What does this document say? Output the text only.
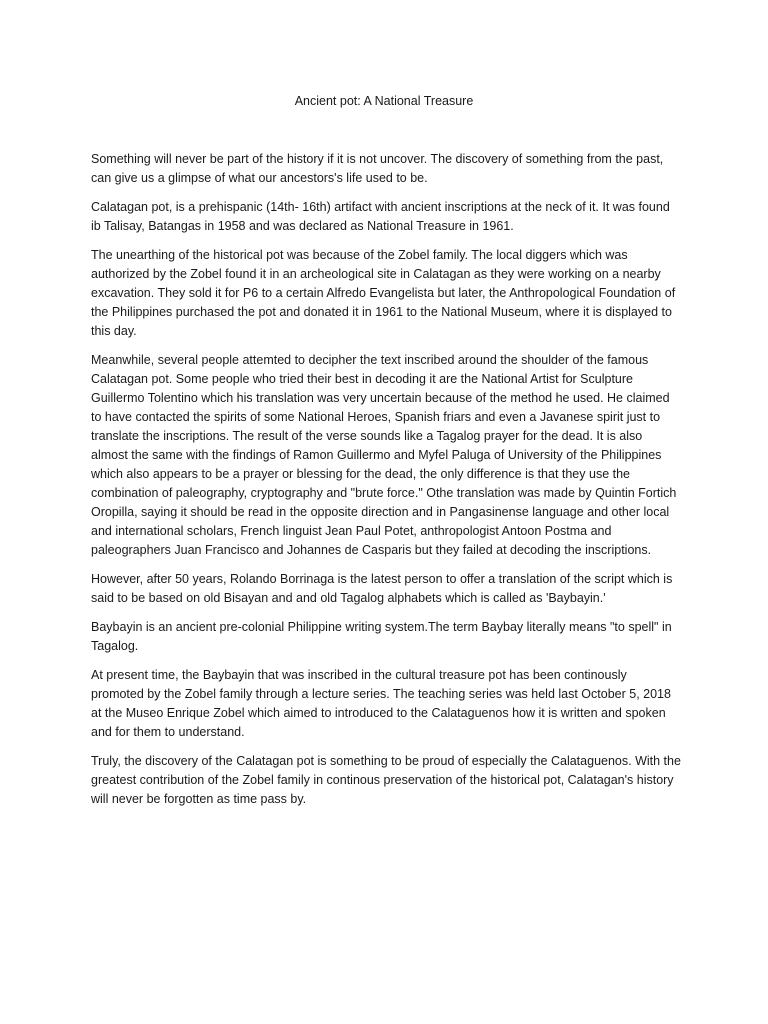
Ancient pot: A National Treasure

Something will never be part of the history if it is not uncover. The discovery of something from the past, can give us a glimpse of what our ancestors's life used to be.

Calatagan pot, is a prehispanic (14th- 16th) artifact with ancient inscriptions at the neck of it. It was found ib Talisay, Batangas in 1958 and was declared as National Treasure in 1961.

The unearthing of the historical pot was because of the Zobel family. The local diggers which was authorized by the Zobel found it in an archeological site in Calatagan as they were working on a nearby excavation. They sold it for P6 to a certain Alfredo Evangelista but later, the Anthropological Foundation of the Philippines purchased the pot and donated it in 1961 to the National Museum, where it is displayed to this day.

Meanwhile, several people attemted to decipher the text inscribed around the shoulder of the famous Calatagan pot. Some people who tried their best in decoding it are the National Artist for Sculpture Guillermo Tolentino which his translation was very uncertain because of the method he used. He claimed to have contacted the spirits of some National Heroes, Spanish friars and even a Javanese spirit just to translate the inscriptions. The result of the verse sounds like a Tagalog prayer for the dead. It is also almost the same with the findings of Ramon Guillermo and Myfel Paluga of University of the Philippines which also appears to be a prayer or blessing for the dead, the only difference is that they use the combination of paleography, cryptography and "brute force." Othe translation was made by Quintin Fortich Oropilla, saying it should be read in the opposite direction and in Pangasinense language and other local and international scholars, French linguist Jean Paul Potet, anthropologist Antoon Postma and paleographers Juan Francisco and Johannes de Casparis but they failed at decoding the inscriptions.

However, after 50 years, Rolando Borrinaga is the latest person to offer a translation of the script which is said to be based on old Bisayan and and old Tagalog alphabets which is called as 'Baybayin.'

Baybayin is an ancient pre-colonial Philippine writing system.The term Baybay literally means "to spell" in Tagalog.

At present time, the Baybayin that was inscribed in the cultural treasure pot has been continously promoted by the Zobel family through a lecture series. The teaching series was held last October 5, 2018 at the Museo Enrique Zobel which aimed to introduced to the Calataguenos how it is written and spoken and for them to understand.

Truly, the discovery of the Calatagan pot is something to be proud of especially the Calataguenos. With the greatest contribution of the Zobel family in continous preservation of the historical pot, Calatagan's history will never be forgotten as time pass by.
